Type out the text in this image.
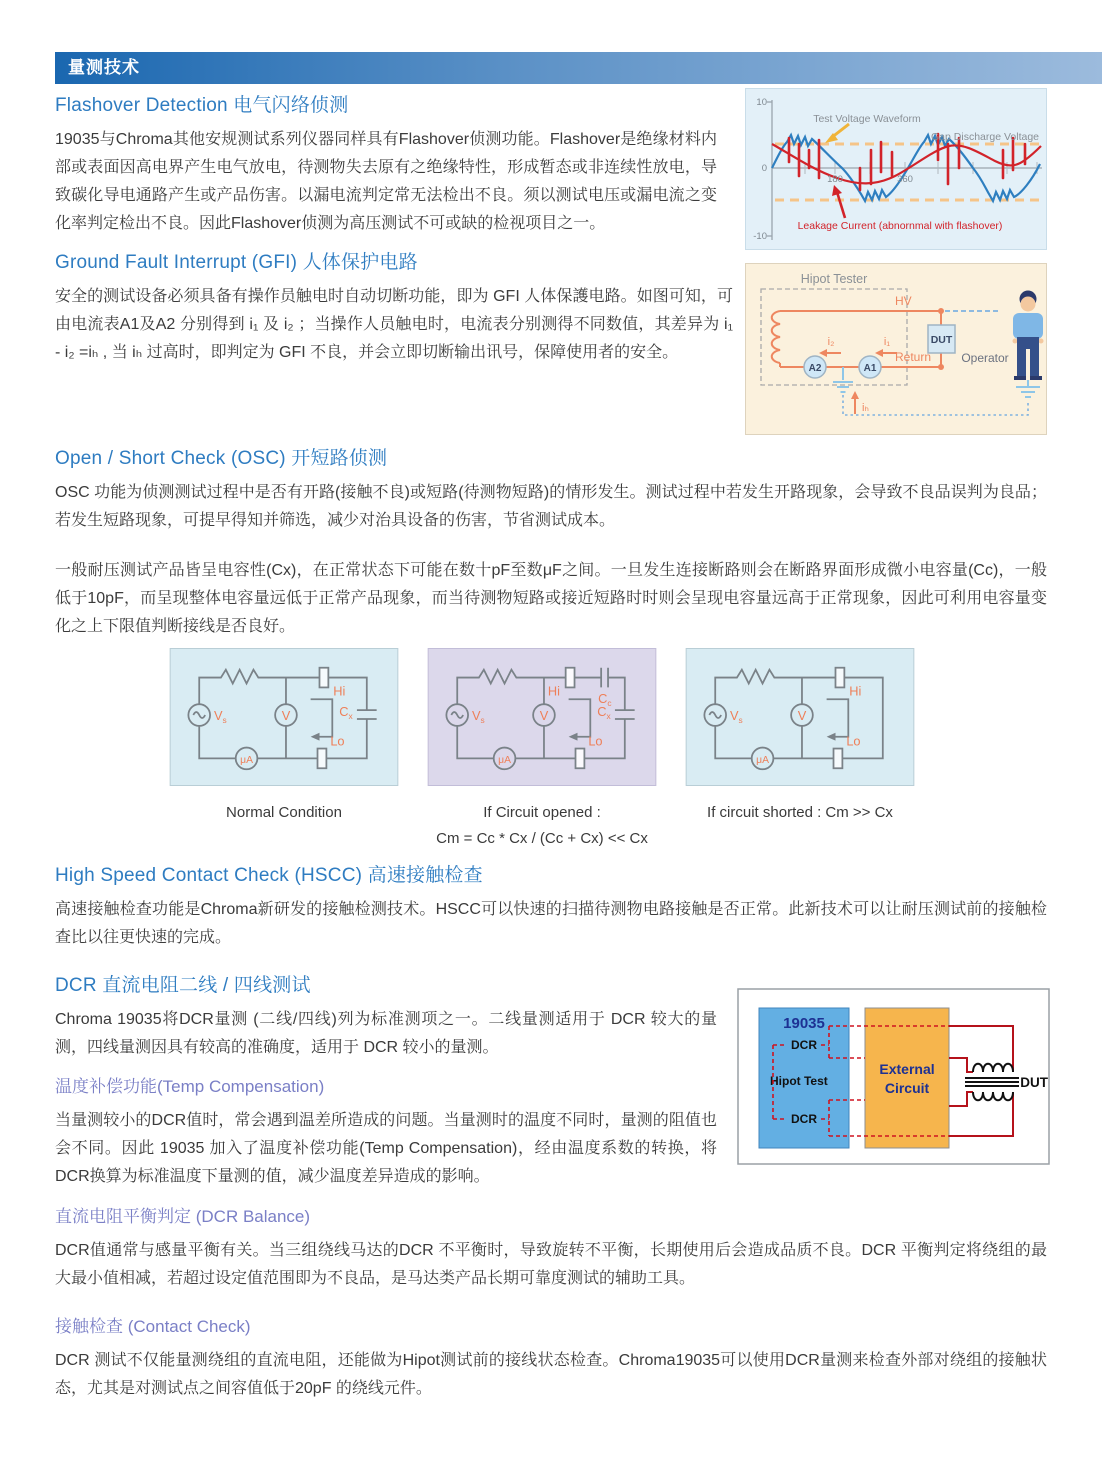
量测技术
Flashover Detection 电气闪络侦测

19035与Chroma其他安规测试系列仪器同样具有Flashover侦测功能。Flashover是绝缘材料内部或表面因高电界产生电气放电，待测物失去原有之绝缘特性，形成暂态或非连续性放电，导致碳化导电通路产生或产品伤害。以漏电流判定常无法检出不良。须以测试电压或漏电流之变化率判定检出不良。因此Flashover侦测为高压测试不可或缺的检视项目之一。

10
0
-10
180	360
Test Voltage Waveform
Gap Discharge Voltage
Leakage Current (abnornmal with flashover)
Ground Fault Interrupt (GFI) 人体保护电路

安全的测试设备必须具备有操作员触电时自动切断功能，即为 GFI 人体保護电路。如图可知，可由电流表A1及A2 分别得到 i₁ 及 i₂ ；当操作人员触电时，电流表分别测得不同数值，其差异为 i₁ - i₂ =iₕ , 当 iₕ 过高时，即判定为 GFI 不良，并会立即切断输出讯号，保障使用者的安全。

Hipot Tester
DUT
A2	A1
i₂	i₁
HV
Return
iₕ
Operator
Open / Short Check (OSC) 开短路侦测

OSC 功能为侦测测试过程中是否有开路(接触不良)或短路(待测物短路)的情形发生。测试过程中若发生开路现象，会导致不良品误判为良品；若发生短路现象，可提早得知并筛选，减少对治具设备的伤害，节省测试成本。

一般耐压测试产品皆呈电容性(Cx)，在正常状态下可能在数十pF至数μF之间。一旦发生连接断路则会在断路界面形成微小电容量(Cc)，一般低于10pF，而呈现整体电容量远低于正常产品现象，而当待测物短路或接近短路时时则会呈现电容量远高于正常现象，因此可利用电容量变化之上下限值判断接线是否良好。

$V_s$	V
μA
Hi
$C_x$
Lo
Normal Condition
$V_s$	V
μA
Hi
$C_c$
$C_x$
Lo
If Circuit opened :
Cm = Cc * Cx / (Cc + Cx) << Cx
$V_s$	V
μA
Hi
Lo
If circuit shorted : Cm >> Cx
High Speed Contact Check (HSCC) 高速接触检查

高速接触检查功能是Chroma新研发的接触检测技术。HSCC可以快速的扫描待测物电路接触是否正常。此新技术可以让耐压测试前的接触检查比以往更快速的完成。

DCR 直流电阻二线 / 四线测试

Chroma 19035将DCR量测 (二线/四线)列为标准测项之一。二线量测适用于 DCR 较大的量测，四线量测因具有较高的准确度，适用于 DCR 较小的量测。

19035
DCR
Hipot Test
DCR
External
Circuit	DUT
温度补偿功能(Temp Compensation)

当量测较小的DCR值时，常会遇到温差所造成的问题。当量测时的温度不同时，量测的阻值也会不同。因此 19035 加入了温度补偿功能(Temp Compensation)，经由温度系数的转换，将DCR换算为标准温度下量测的值，减少温度差异造成的影响。

直流电阻平衡判定 (DCR Balance)

DCR值通常与感量平衡有关。当三组绕线马达的DCR 不平衡时，导致旋转不平衡，长期使用后会造成品质不良。DCR 平衡判定将绕组的最大最小值相减，若超过设定值范围即为不良品，是马达类产品长期可靠度测试的辅助工具。

接触检查 (Contact Check)

DCR 测试不仅能量测绕组的直流电阻，还能做为Hipot测试前的接线状态检查。Chroma19035可以使用DCR量测来检查外部对绕组的接触状态，尤其是对测试点之间容值低于20pF 的绕线元件。
